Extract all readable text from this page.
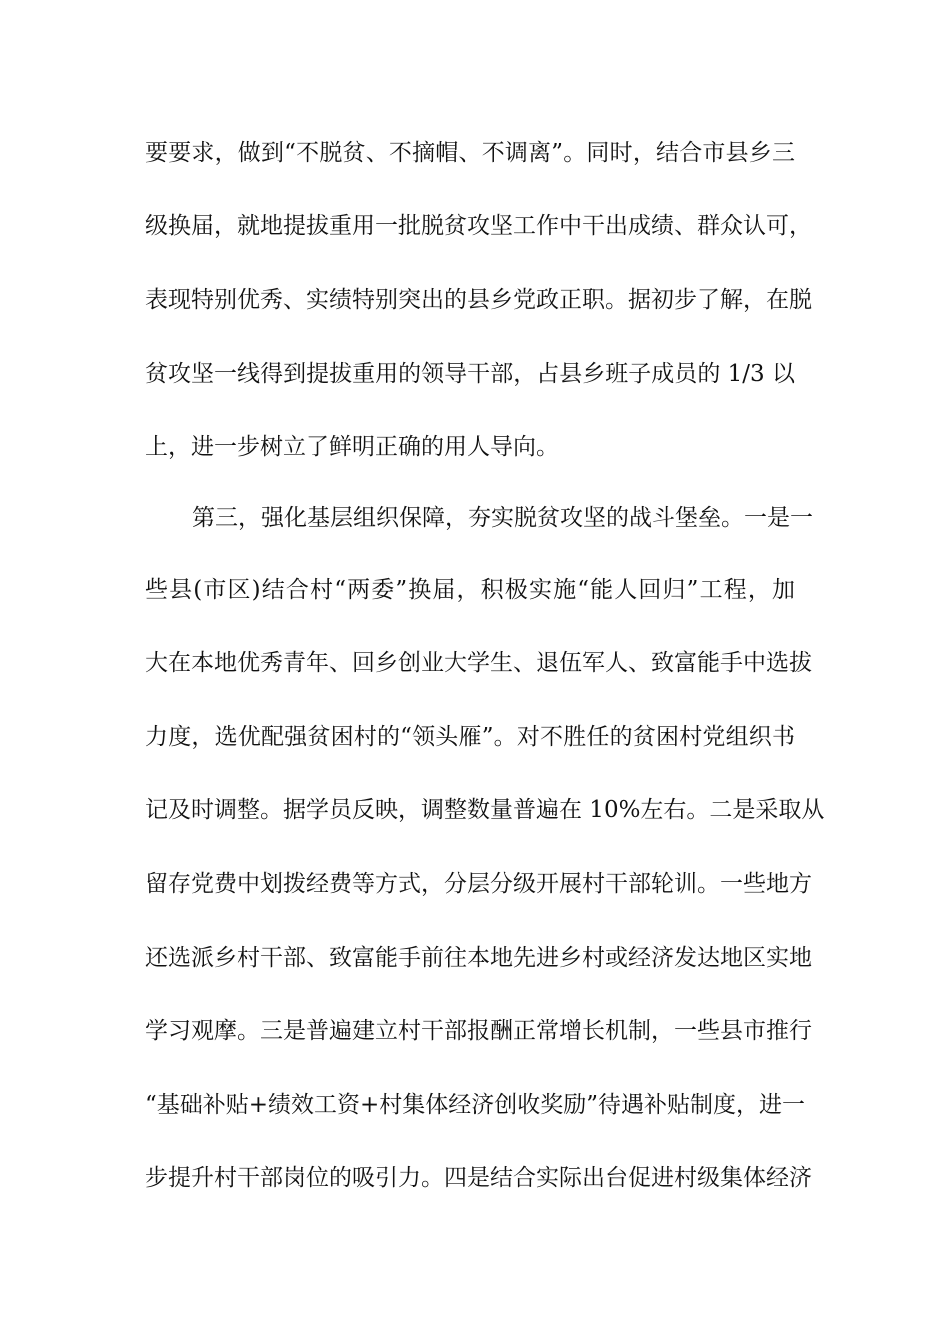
要要求，做到“不脱贫、不摘帽、不调离”。同时，结合市县乡三
级换届，就地提拔重用一批脱贫攻坚工作中干出成绩、群众认可，
表现特别优秀、实绩特别突出的县乡党政正职。据初步了解，在脱
贫攻坚一线得到提拔重用的领导干部，占县乡班子成员的 1/3 以
上，进一步树立了鲜明正确的用人导向。
第三，强化基层组织保障，夯实脱贫攻坚的战斗堡垒。一是一
些县(市区)结合村“两委”换届，积极实施“能人回归”工程，加
大在本地优秀青年、回乡创业大学生、退伍军人、致富能手中选拔
力度，选优配强贫困村的“领头雁”。对不胜任的贫困村党组织书
记及时调整。据学员反映，调整数量普遍在 10%左右。二是采取从
留存党费中划拨经费等方式，分层分级开展村干部轮训。一些地方
还选派乡村干部、致富能手前往本地先进乡村或经济发达地区实地
学习观摩。三是普遍建立村干部报酬正常增长机制，一些县市推行
“基础补贴+绩效工资+村集体经济创收奖励”待遇补贴制度，进一
步提升村干部岗位的吸引力。四是结合实际出台促进村级集体经济
